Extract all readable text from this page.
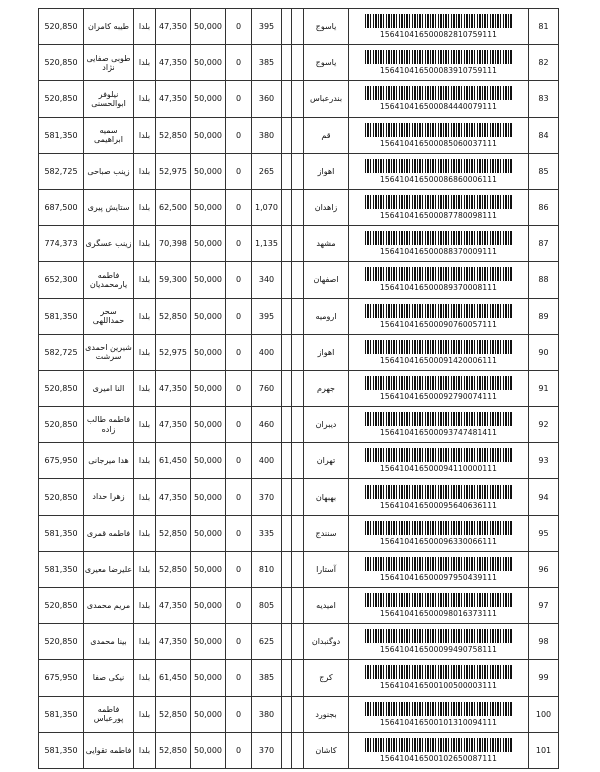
520,850	طیبه کامران	بلدا	47,350	50,000	0	395			یاسوج	156410416500082810759111	81
520,850	طوبی صفایی نژاد	بلدا	47,350	50,000	0	385			یاسوج	156410416500083910759111	82
520,850	نیلوفر ابوالحسنی	بلدا	47,350	50,000	0	360			بندرعباس	156410416500084440079111	83
581,350	سمیه ابراهیمی	بلدا	52,850	50,000	0	380			قم	156410416500085060037111	84
582,725	زینب صباحی	بلدا	52,975	50,000	0	265			اهواز	156410416500086860006111	85
687,500	ستایش پیری	بلدا	62,500	50,000	0	1,070			زاهدان	156410416500087780098111	86
774,373	زینب عسگری	بلدا	70,398	50,000	0	1,135			مشهد	156410416500088370009111	87
652,300	فاطمه یارمحمدیان	بلدا	59,300	50,000	0	340			اصفهان	156410416500089370008111	88
581,350	سحر حمداللهی	بلدا	52,850	50,000	0	395			ارومیه	156410416500090760057111	89
582,725	شیرین احمدی سرشت	بلدا	52,975	50,000	0	400			اهواز	156410416500091420006111	90
520,850	النا امیری	بلدا	47,350	50,000	0	760			جهرم	156410416500092790074111	91
520,850	فاطمه طالب زاده	بلدا	47,350	50,000	0	460			دیبران	156410416500093747481411	92
675,950	هدا میرجانی	بلدا	61,450	50,000	0	400			تهران	156410416500094110000111	93
520,850	زهرا حداد	بلدا	47,350	50,000	0	370			بهبهان	156410416500095640636111	94
581,350	فاطمه قمری	بلدا	52,850	50,000	0	335			سنندج	156410416500096330066111	95
581,350	علیرضا معیری	بلدا	52,850	50,000	0	810			آستارا	156410416500097950439111	96
520,850	مریم محمدی	بلدا	47,350	50,000	0	805			امیدیه	156410416500098016373111	97
520,850	بینا محمدی	بلدا	47,350	50,000	0	625			دوگنبدان	156410416500099490758111	98
675,950	نیکی صفا	بلدا	61,450	50,000	0	385			کرج	156410416500100500003111	99
581,350	فاطمه پورعباس	بلدا	52,850	50,000	0	380			بجنورد	156410416500101310094111	100
581,350	فاطمه تقوایی	بلدا	52,850	50,000	0	370			کاشان	156410416500102650087111	101
